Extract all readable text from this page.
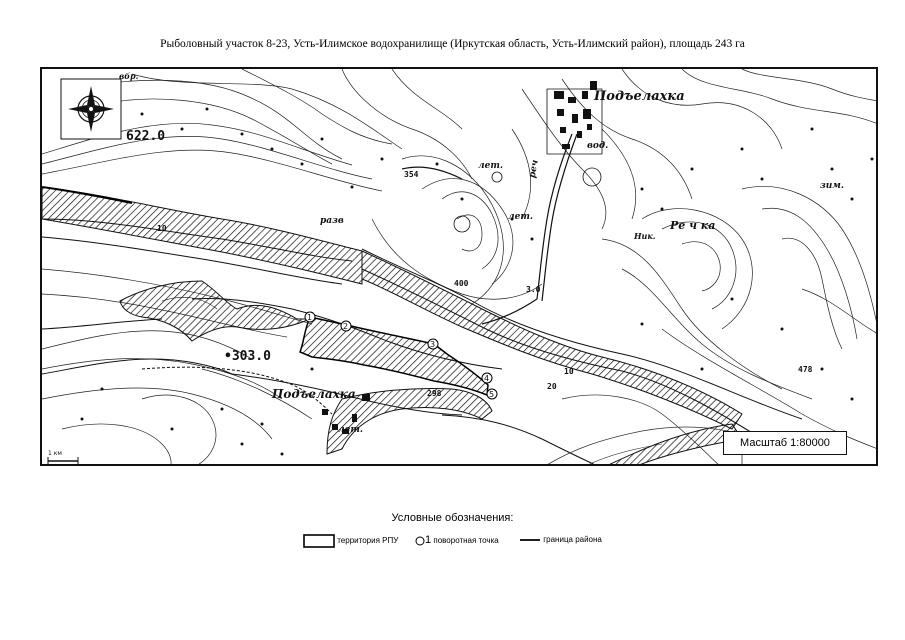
Рыболовный участок 8-23, Усть-Илимское водохранилище (Иркутская область, Усть-Илимский район), площадь 243 га
Подъелахка
Подъелахка
Ре ч ка
реч
лет.
лет.
лет.
вод.
зим.
Ник.
разв
вбр.
622.0
•303.0
354
400
3.0
298
478
10
10
20
1
2
3
4
5
1 км
Масштаб 1:80000
Условные обозначения:
территория РПУ	1 поворотная точка	граница района
